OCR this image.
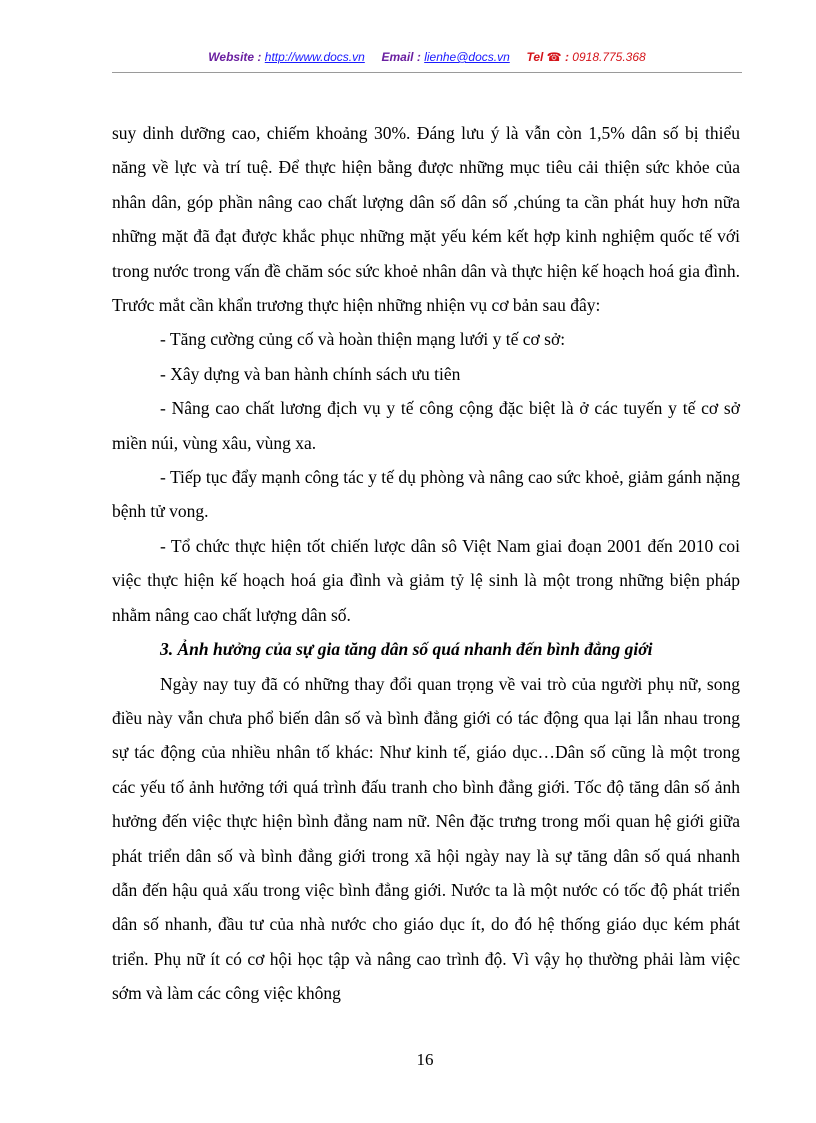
Website : http://www.docs.vn Email : lienhe@docs.vn Tel ☎ : 0918.775.368

suy dinh dưỡng cao, chiếm khoảng 30%. Đáng lưu ý là vẫn còn 1,5% dân số bị thiểu năng về lực và trí tuệ. Để thực hiện bằng được những mục tiêu cải thiện sức khỏe của nhân dân, góp phần nâng cao chất lượng dân số dân số ,chúng ta cần phát huy hơn nữa những mặt đã đạt được khắc phục những mặt yếu kém kết hợp kinh nghiệm quốc tế với trong nước trong vấn đề chăm sóc sức khoẻ nhân dân và thực hiện kế hoạch hoá gia đình. Trước mắt cần khẩn trương thực hiện những nhiện vụ cơ bản sau đây:

- Tăng cường củng cố và hoàn thiện mạng lưới y tế cơ sở:

- Xây dựng và ban hành chính sách ưu tiên

- Nâng cao chất lương địch vụ y tế công cộng đặc biệt là ở các tuyến y tế cơ sở miền núi, vùng xâu, vùng xa.

- Tiếp tục đẩy mạnh công tác y tế dụ phòng và nâng cao sức khoẻ, giảm gánh nặng bệnh tử vong.

- Tổ chức thực hiện tốt chiến lược dân sô Việt Nam giai đoạn 2001 đến 2010 coi việc thực hiện kế hoạch hoá gia đình và giảm tỷ lệ sinh là một trong những biện pháp nhằm nâng cao chất lượng dân số.

3. Ảnh hưởng của sự gia tăng dân số quá nhanh đến bình đẳng giới

Ngày nay tuy đã có những thay đổi quan trọng về vai trò của người phụ nữ, song điều này vẫn chưa phổ biến dân số và bình đẳng giới có tác động qua lại lẫn nhau trong sự tác động của nhiều nhân tố khác: Như kinh tế, giáo dục…Dân số cũng là một trong các yếu tố ảnh hưởng tới quá trình đấu tranh cho bình đẳng giới. Tốc độ tăng dân số ảnh hưởng đến việc thực hiện bình đẳng nam nữ. Nên đặc trưng trong mối quan hệ giới giữa phát triển dân số và bình đẳng giới trong xã hội ngày nay là sự tăng dân số quá nhanh dẫn đến hậu quả xấu trong việc bình đẳng giới. Nước ta là một nước có tốc độ phát triển dân số nhanh, đầu tư của nhà nước cho giáo dục ít, do đó hệ thống giáo dục kém phát triển. Phụ nữ ít có cơ hội học tập và nâng cao trình độ. Vì vậy họ thường phải làm việc sớm và làm các công việc không

16
